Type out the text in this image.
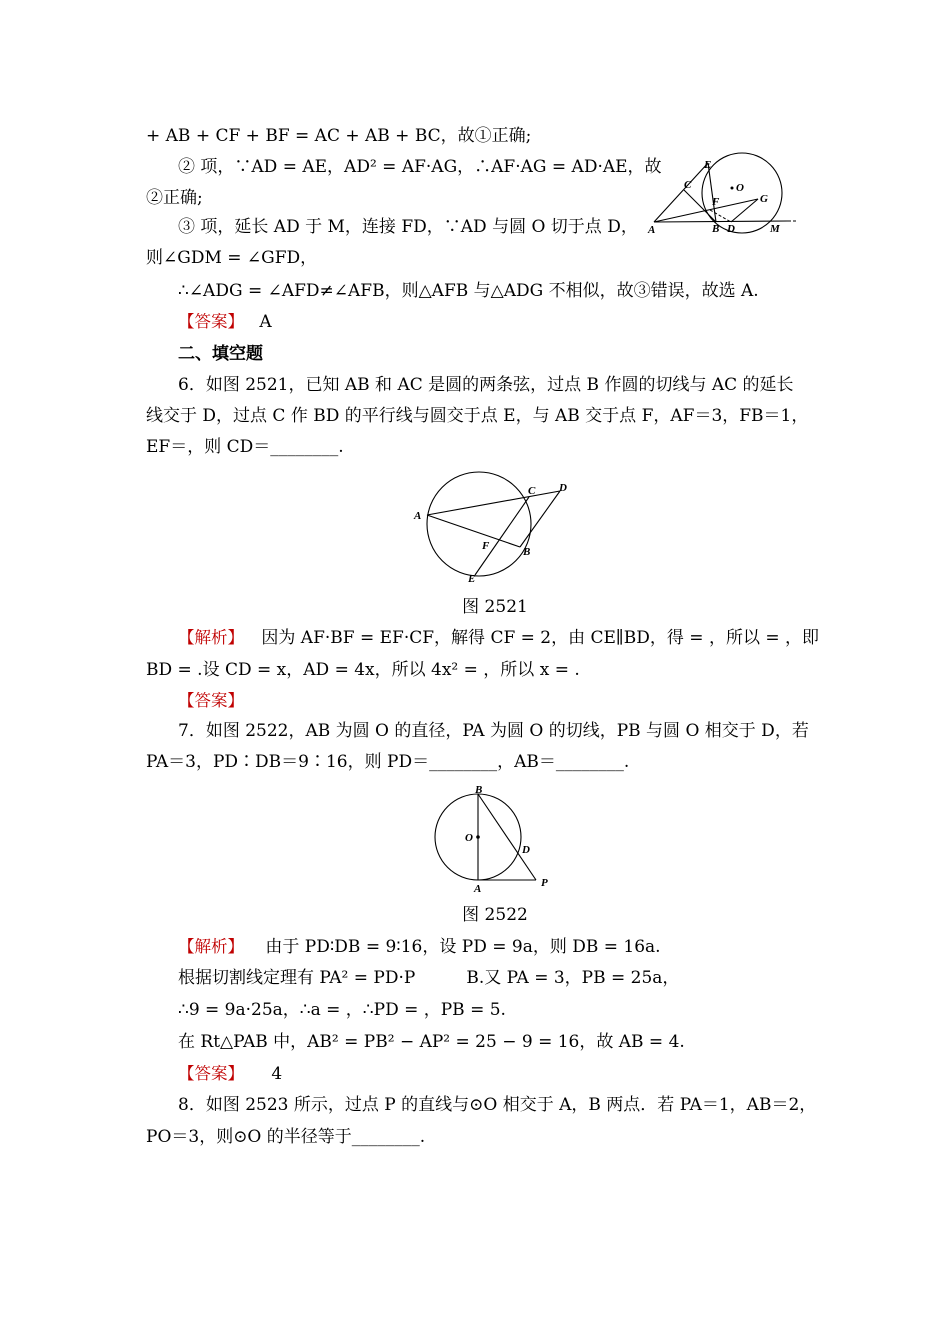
+ AB + CF + BF = AC + AB + BC，故①正确;
② 项，∵AD = AE，AD² = AF·AG，∴AF·AG = AD·AE，故
②正确;
③ 项，延长 AD 于 M，连接 FD，∵AD 与圆 O 切于点 D，
则∠GDM = ∠GFD，
∴∠ADG = ∠AFD≠∠AFB，则△AFB 与△ADG 不相似，故③错误，故选 A.
E
C	O
F	G
A	B D	M
【答案】 A
二、填空题
6．如图 2521，已知 AB 和 AC 是圆的两条弦，过点 B 作圆的切线与 AC 的延长
线交于 D，过点 C 作 BD 的平行线与圆交于点 E，与 AB 交于点 F，AF＝3，FB＝1，
EF＝，则 CD＝________.
A
C D
F	B
E
图 2521
【解析】 因为 AF·BF = EF·CF，解得 CF = 2，由 CE∥BD，得 = ，所以 = ，即
BD = .设 CD = x，AD = 4x，所以 4x² = ，所以 x = .
【答案】
7．如图 2522，AB 为圆 O 的直径，PA 为圆 O 的切线，PB 与圆 O 相交于 D，若
PA＝3，PD∶DB＝9∶16，则 PD＝________，AB＝________.
B
O
D
A	P
图 2522
【解析】 由于 PD∶DB = 9∶16，设 PD = 9a，则 DB = 16a.
根据切割线定理有 PA² = PD·P　　　B.又 PA = 3，PB = 25a，
∴9 = 9a·25a，∴a = ，∴PD = ，PB = 5.
在 Rt△PAB 中，AB² = PB² − AP² = 25 − 9 = 16，故 AB = 4.
【答案】 4
8．如图 2523 所示，过点 P 的直线与⊙O 相交于 A，B 两点．若 PA＝1，AB＝2，
PO＝3，则⊙O 的半径等于________.
